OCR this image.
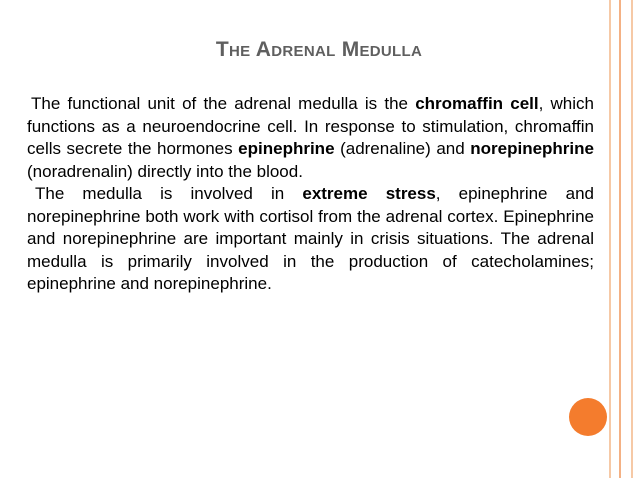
The Adrenal Medulla

The functional unit of the adrenal medulla is the chromaffin cell, which functions as a neuroendocrine cell. In response to stimulation, chromaffin cells secrete the hormones epinephrine (adrenaline) and norepinephrine (noradrenalin) directly into the blood.

The medulla is involved in extreme stress, epinephrine and norepinephrine both work with cortisol from the adrenal cortex. Epinephrine and norepinephrine are important mainly in crisis situations. The adrenal medulla is primarily involved in the production of catecholamines; epinephrine and norepinephrine.
